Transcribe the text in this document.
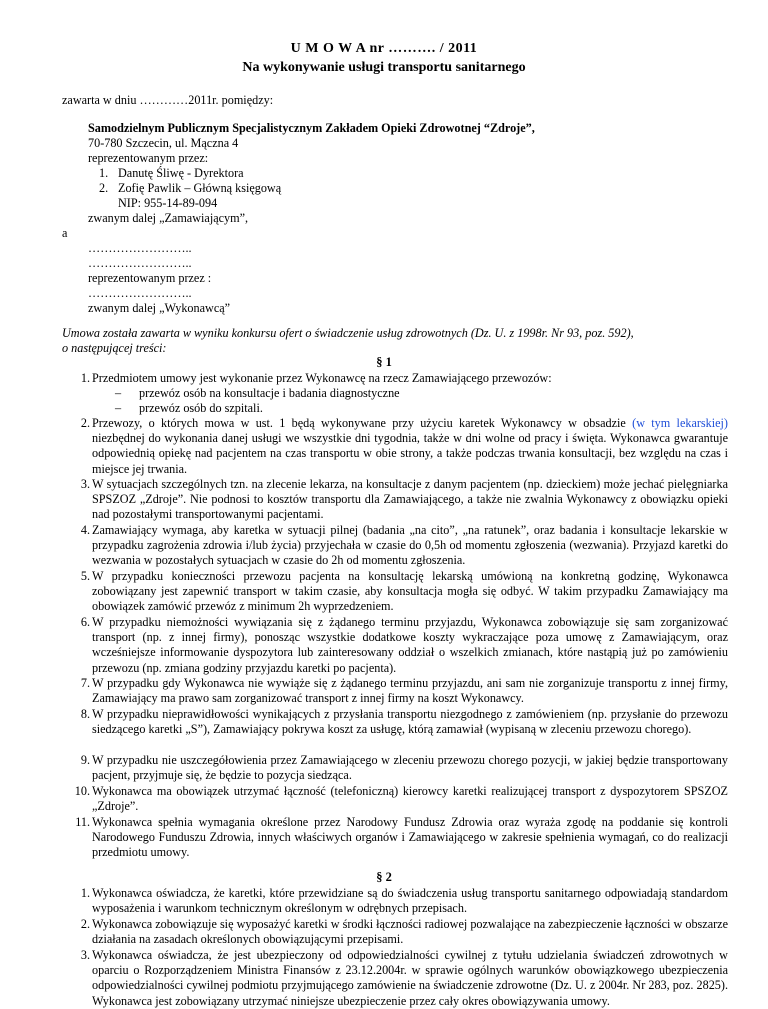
U M O W A nr ………. / 2011
Na wykonywanie usługi transportu sanitarnego
zawarta w dniu …………2011r. pomiędzy:
Samodzielnym Publicznym Specjalistycznym Zakładem Opieki Zdrowotnej “Zdroje”,
70-780 Szczecin, ul. Mączna 4
reprezentowanym przez:
1. Danutę Śliwę - Dyrektora
2. Zofię Pawlik – Główną księgową
NIP: 955-14-89-094
zwanym dalej „Zamawiającym”,
a
……………………..
……………………..
reprezentowanym przez :
……………………..
zwanym dalej „Wykonawcą”
Umowa została zawarta w wyniku konkursu ofert o świadczenie usług zdrowotnych (Dz. U. z 1998r. Nr 93, poz. 592),
o następującej treści:
§ 1
1. Przedmiotem umowy jest wykonanie przez Wykonawcę na rzecz Zamawiającego przewozów:
– przewóz osób na konsultacje i badania diagnostyczne
– przewóz osób do szpitali.
2. Przewozy, o których mowa w ust. 1 będą wykonywane przy użyciu karetek Wykonawcy w obsadzie (w tym lekarskiej) niezbędnej do wykonania danej usługi we wszystkie dni tygodnia, także w dni wolne od pracy i święta. Wykonawca gwarantuje odpowiednią opiekę nad pacjentem na czas transportu w obie strony, a także podczas trwania konsultacji, bez względu na czas i miejsce jej trwania.
3. W sytuacjach szczególnych tzn. na zlecenie lekarza, na konsultacje z danym pacjentem (np. dzieckiem) może jechać pielęgniarka SPSZOZ „Zdroje”. Nie podnosi to kosztów transportu dla Zamawiającego, a także nie zwalnia Wykonawcy z obowiązku opieki nad pozostałymi transportowanymi pacjentami.
4. Zamawiający wymaga, aby karetka w sytuacji pilnej (badania „na cito”, „na ratunek”, oraz badania i konsultacje lekarskie w przypadku zagrożenia zdrowia i/lub życia) przyjechała w czasie do 0,5h od momentu zgłoszenia (wezwania). Przyjazd karetki do wezwania w pozostałych sytuacjach w czasie do 2h od momentu zgłoszenia.
5. W przypadku konieczności przewozu pacjenta na konsultację lekarską umówioną na konkretną godzinę, Wykonawca zobowiązany jest zapewnić transport w takim czasie, aby konsultacja mogła się odbyć. W takim przypadku Zamawiający ma obowiązek zamówić przewóz z minimum 2h wyprzedzeniem.
6. W przypadku niemożności wywiązania się z żądanego terminu przyjazdu, Wykonawca zobowiązuje się sam zorganizować transport (np. z innej firmy), ponosząc wszystkie dodatkowe koszty wykraczające poza umowę z Zamawiającym, oraz wcześniejsze informowanie dyspozytora lub zainteresowany oddział o wszelkich zmianach, które nastąpią już po zamówieniu przewozu (np. zmiana godziny przyjazdu karetki po pacjenta).
7. W przypadku gdy Wykonawca nie wywiąże się z żądanego terminu przyjazdu, ani sam nie zorganizuje transportu z innej firmy, Zamawiający ma prawo sam zorganizować transport z innej firmy na koszt Wykonawcy.
8. W przypadku nieprawidłowości wynikających z przysłania transportu niezgodnego z zamówieniem (np. przysłanie do przewozu siedzącego karetki „S”), Zamawiający pokrywa koszt za usługę, którą zamawiał (wypisaną w zleceniu przewozu chorego).
9. W przypadku nie uszczegółowienia przez Zamawiającego w zleceniu przewozu chorego pozycji, w jakiej będzie transportowany pacjent, przyjmuje się, że będzie to pozycja siedząca.
10. Wykonawca ma obowiązek utrzymać łączność (telefoniczną) kierowcy karetki realizującej transport z dyspozytorem SPSZOZ „Zdroje”.
11. Wykonawca spełnia wymagania określone przez Narodowy Fundusz Zdrowia oraz wyraża zgodę na poddanie się kontroli Narodowego Funduszu Zdrowia, innych właściwych organów i Zamawiającego w zakresie spełnienia wymagań, co do realizacji przedmiotu umowy.
§ 2
1. Wykonawca oświadcza, że karetki, które przewidziane są do świadczenia usług transportu sanitarnego odpowiadają standardom wyposażenia i warunkom technicznym określonym w odrębnych przepisach.
2. Wykonawca zobowiązuje się wyposażyć karetki w środki łączności radiowej pozwalające na zabezpieczenie łączności w obszarze działania na zasadach określonych obowiązującymi przepisami.
3. Wykonawca oświadcza, że jest ubezpieczony od odpowiedzialności cywilnej z tytułu udzielania świadczeń zdrowotnych w oparciu o Rozporządzeniem Ministra Finansów z 23.12.2004r. w sprawie ogólnych warunków obowiązkowego ubezpieczenia odpowiedzialności cywilnej podmiotu przyjmującego zamówienie na świadczenie zdrowotne (Dz. U. z 2004r. Nr 283, poz. 2825). Wykonawca jest zobowiązany utrzymać niniejsze ubezpieczenie przez cały okres obowiązywania umowy.
